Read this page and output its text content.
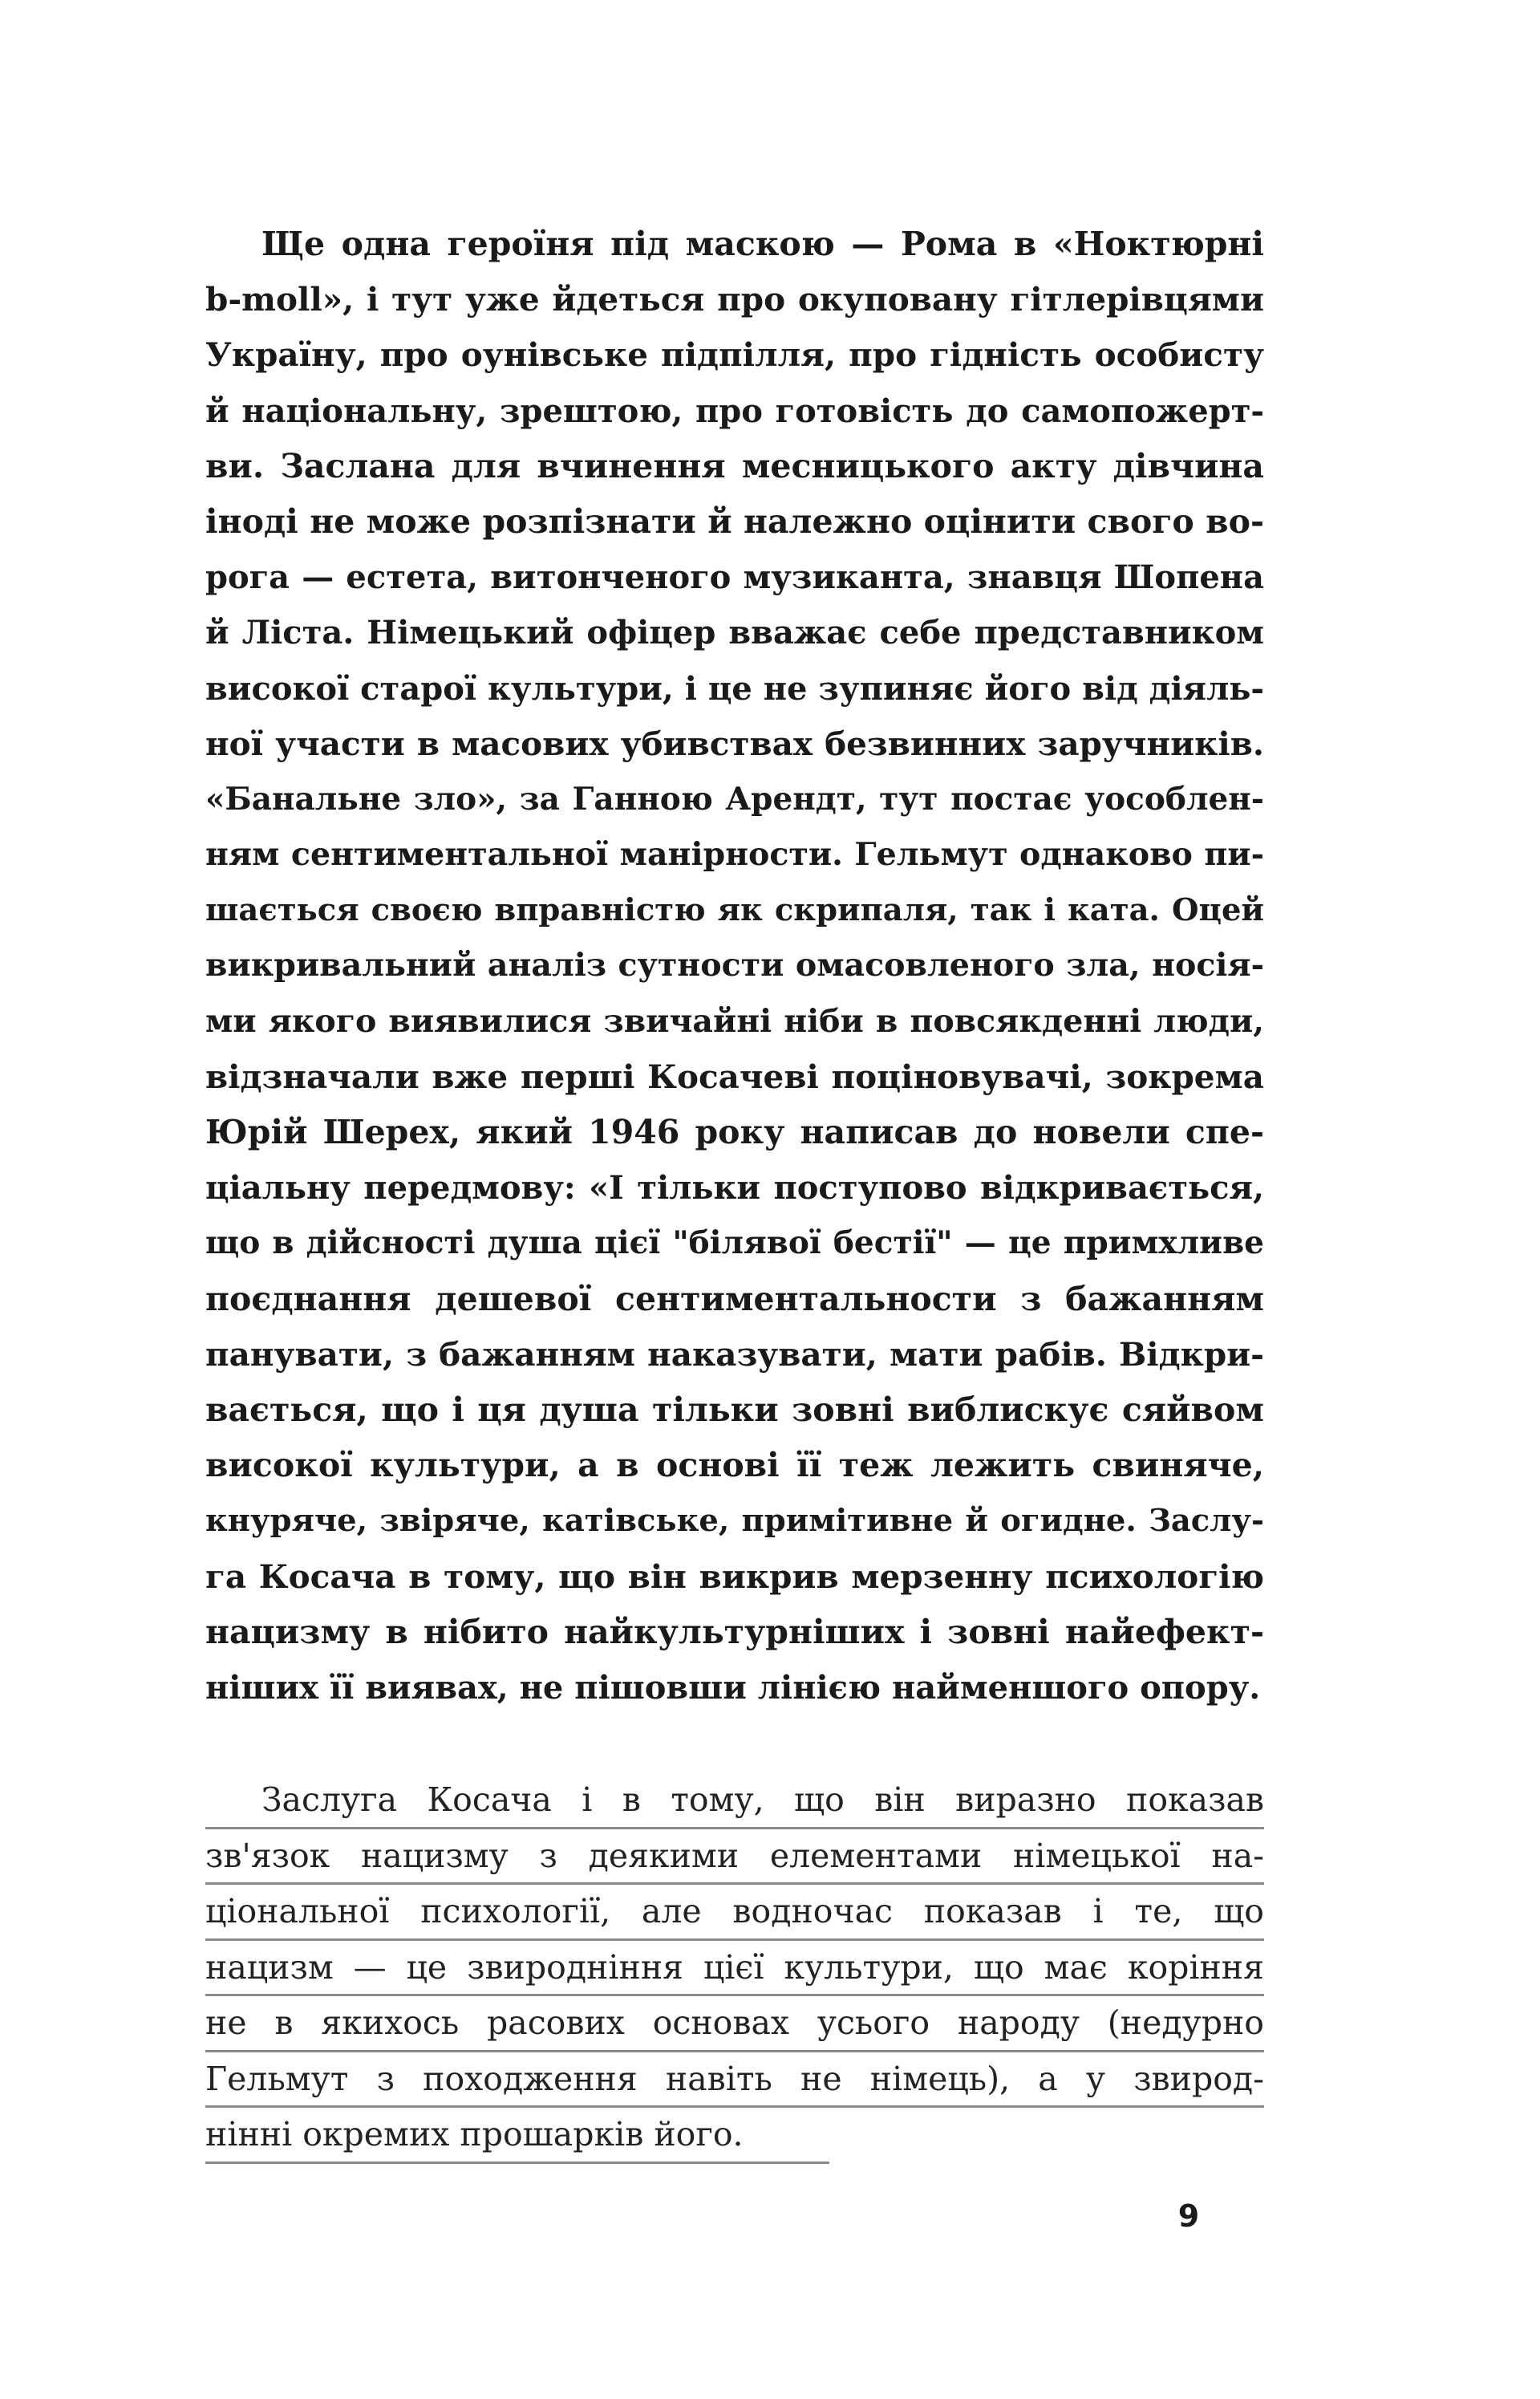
Ще одна героїня під маскою — Рома в «Ноктюрні
b-moll», і тут уже йдеться про окуповану гітлерівцями
Україну, про оунівське підпілля, про гідність особисту
й національну, зрештою, про готовість до самопожерт-
ви. Заслана для вчинення месницького акту дівчина
іноді не може розпізнати й належно оцінити свого во-
рога — естета, витонченого музиканта, знавця Шопена
й Ліста. Німецький офіцер вважає себе представником
високої старої культури, і це не зупиняє його від діяль-
ної участи в масових убивствах безвинних заручників.
«Банальне зло», за Ганною Арендт, тут постає уособлен-
ням сентиментальної манірности. Гельмут однаково пи-
шається своєю вправністю як скрипаля, так і ката. Оцей
викривальний аналіз сутности омасовленого зла, носія-
ми якого виявилися звичайні ніби в повсякденні люди,
відзначали вже перші Косачеві поціновувачі, зокрема
Юрій Шерех, який 1946 року написав до новели спе-
ціальну передмову: «І тільки поступово відкривається,
що в дійсності душа цієї "білявої бестії" — це примхливе
поєднання дешевої сентиментальности з бажанням
панувати, з бажанням наказувати, мати рабів. Відкри-
вається, що і ця душа тільки зовні виблискує сяйвом
високої культури, а в основі її теж лежить свиняче,
кнуряче, звіряче, катівське, примітивне й огидне. Заслу-
га Косача в тому, що він викрив мерзенну психологію
нацизму в нібито найкультурніших і зовні найефект-
ніших її виявах, не пішовши лінією найменшого опору.
Заслуга Косача і в тому, що він виразно показав
зв'язок нацизму з деякими елементами німецької на-
ціональної психології, але водночас показав і те, що
нацизм — це звиродніння цієї культури, що має коріння
не в якихось расових основах усього народу (недурно
Гельмут з походження навіть не німець), а у звирод-
нінні окремих прошарків його.
9
